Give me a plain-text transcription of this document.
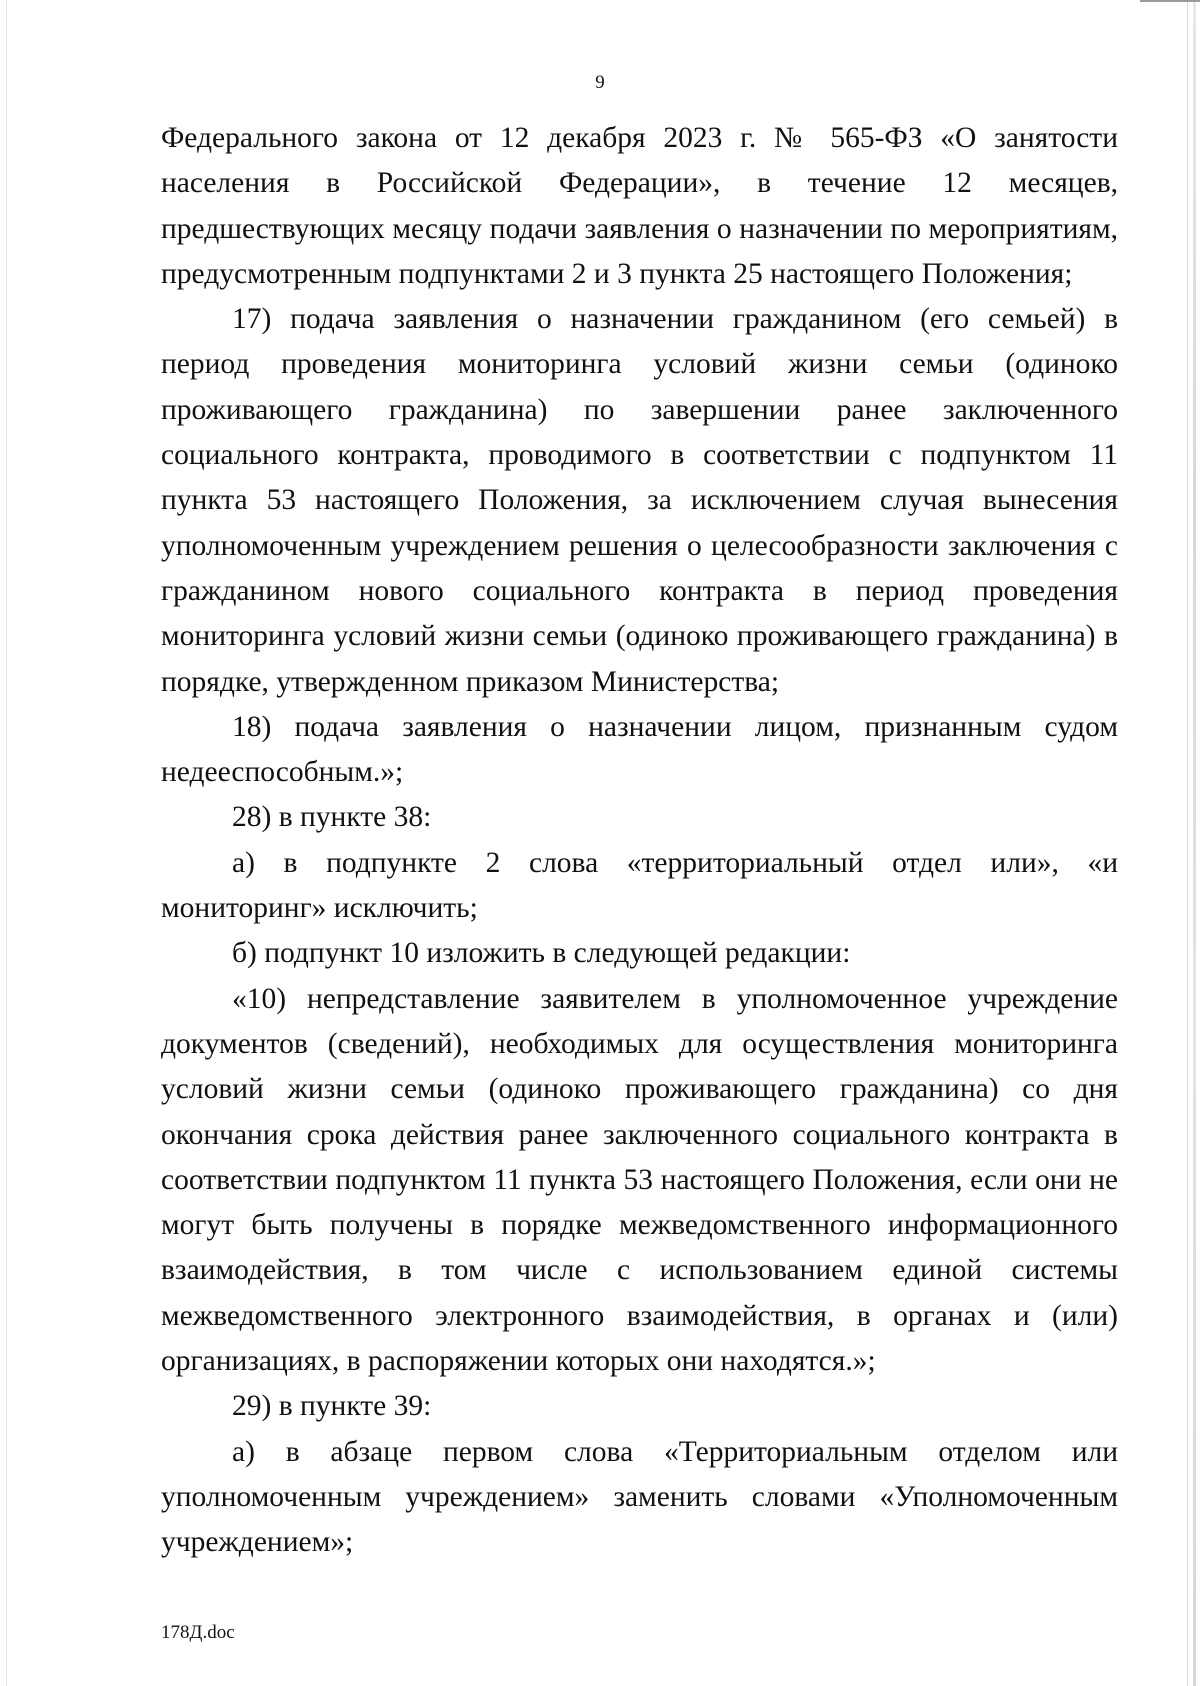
9

Федерального закона от 12 декабря 2023 г. № 565-ФЗ «О занятости населения в Российской Федерации», в течение 12 месяцев, предшествующих месяцу подачи заявления о назначении по мероприятиям, предусмотренным подпунктами 2 и 3 пункта 25 настоящего Положения;

17) подача заявления о назначении гражданином (его семьей) в период проведения мониторинга условий жизни семьи (одиноко проживающего гражданина) по завершении ранее заключенного социального контракта, проводимого в соответствии с подпунктом 11 пункта 53 настоящего Положения, за исключением случая вынесения уполномоченным учреждением решения о целесообразности заключения с гражданином нового социального контракта в период проведения мониторинга условий жизни семьи (одиноко проживающего гражданина) в порядке, утвержденном приказом Министерства;

18) подача заявления о назначении лицом, признанным судом недееспособным.»;

28) в пункте 38:

а) в подпункте 2 слова «территориальный отдел или», «и мониторинг» исключить;

б) подпункт 10 изложить в следующей редакции:

«10) непредставление заявителем в уполномоченное учреждение документов (сведений), необходимых для осуществления мониторинга условий жизни семьи (одиноко проживающего гражданина) со дня окончания срока действия ранее заключенного социального контракта в соответствии подпунктом 11 пункта 53 настоящего Положения, если они не могут быть получены в порядке межведомственного информационного взаимодействия, в том числе с использованием единой системы межведомственного электронного взаимодействия, в органах и (или) организациях, в распоряжении которых они находятся.»;

29) в пункте 39:

а) в абзаце первом слова «Территориальным отделом или уполномоченным учреждением» заменить словами «Уполномоченным учреждением»;

178Д.doc
